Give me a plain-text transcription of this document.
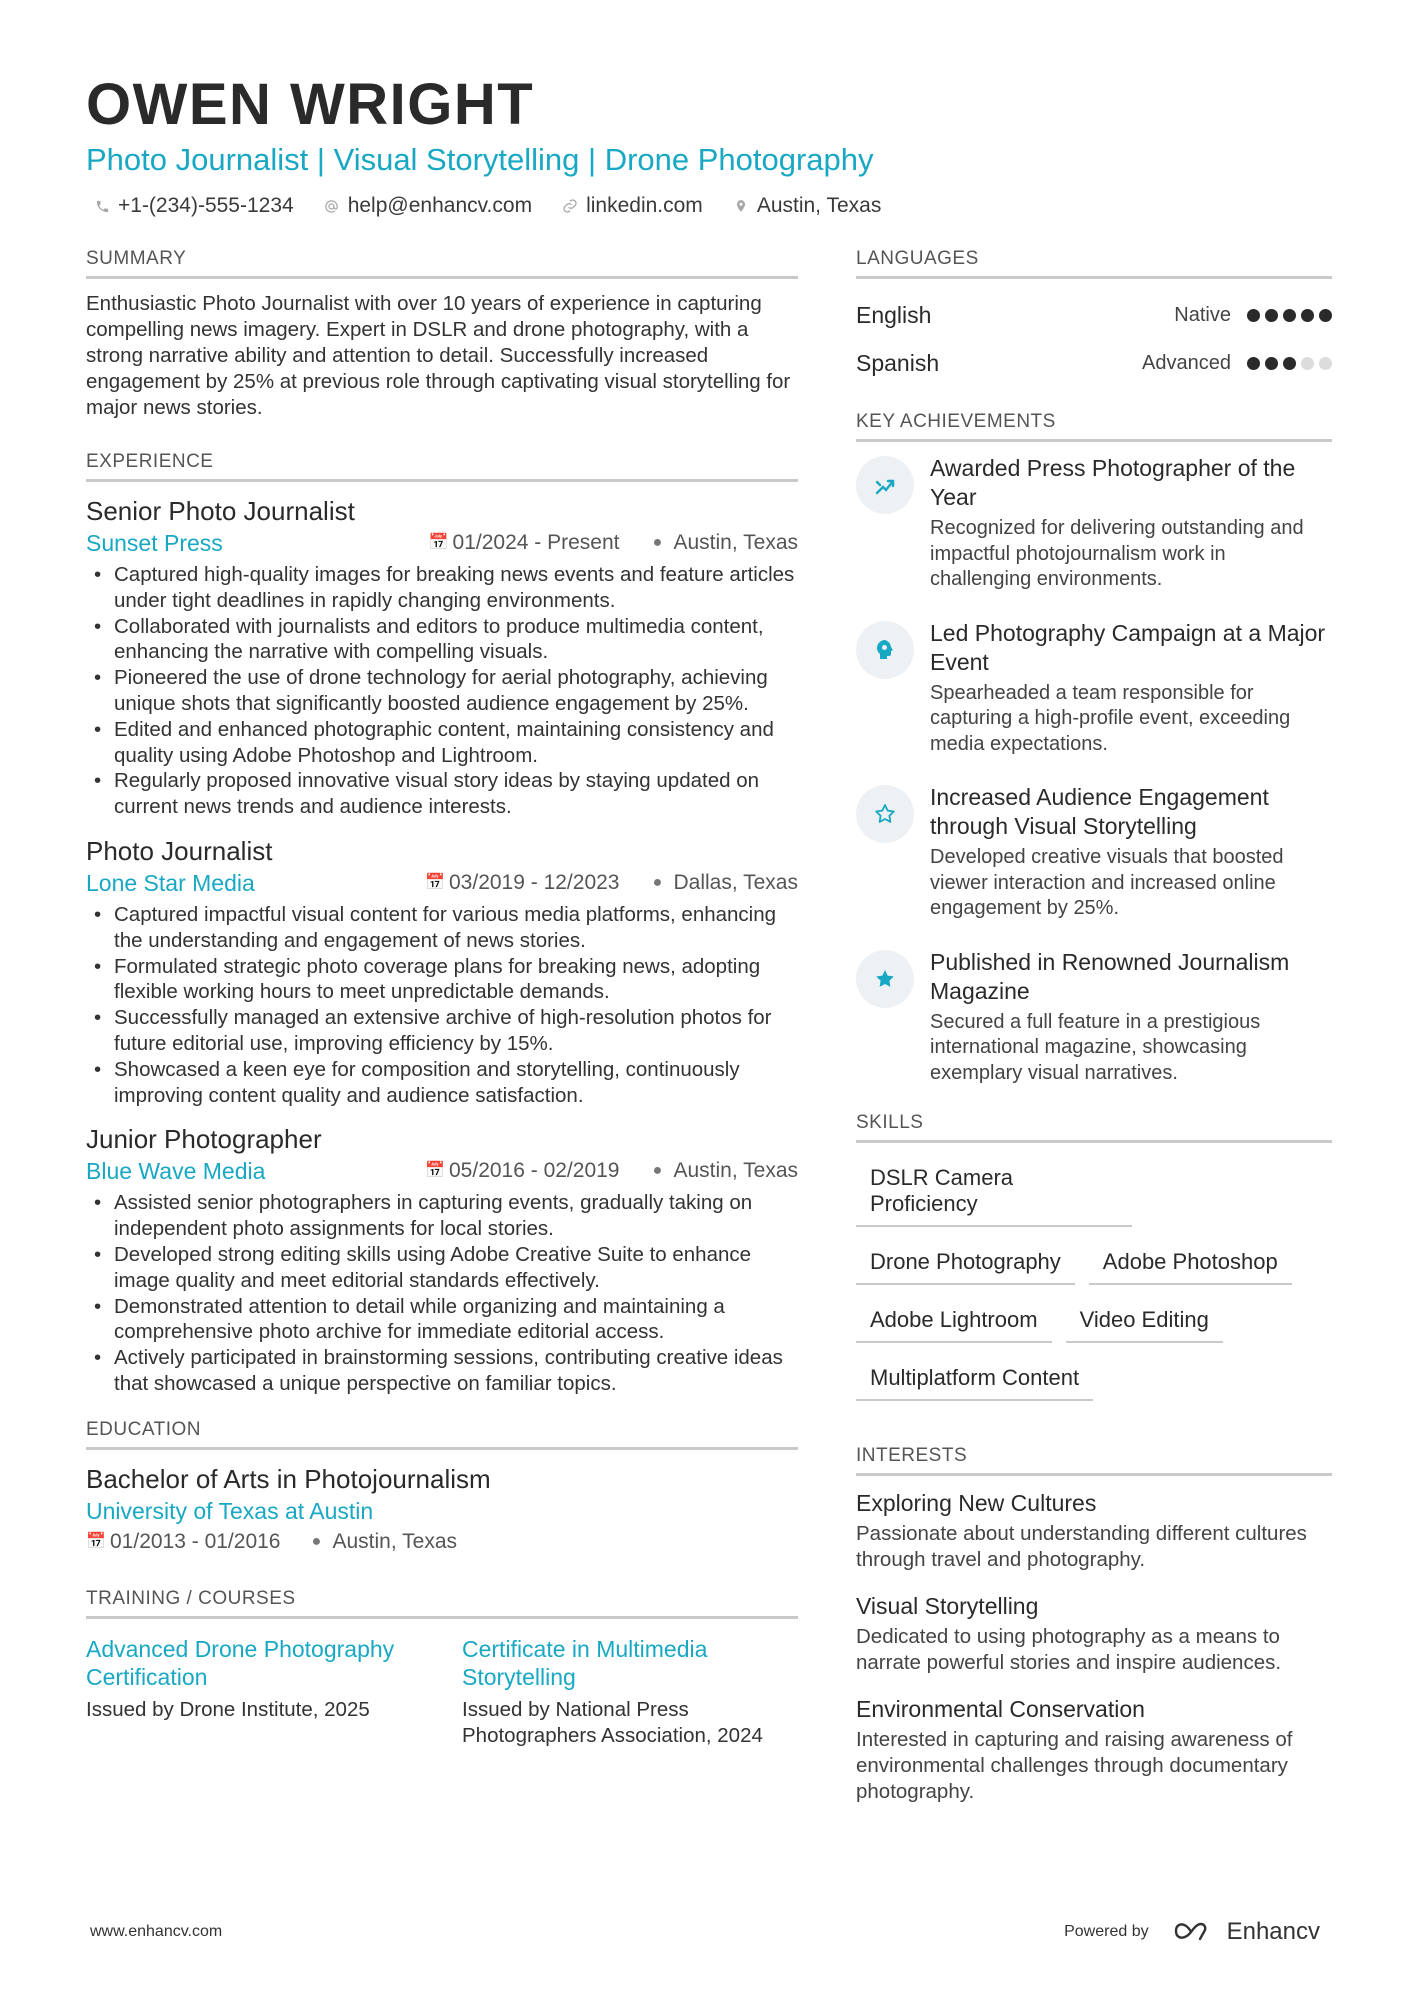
OWEN WRIGHT
Photo Journalist | Visual Storytelling | Drone Photography
+1-(234)-555-1234	help@enhancv.com	linkedin.com	Austin, Texas
SUMMARY
Enthusiastic Photo Journalist with over 10 years of experience in capturing compelling news imagery. Expert in DSLR and drone photography, with a strong narrative ability and attention to detail. Successfully increased engagement by 25% at previous role through captivating visual storytelling for major news stories.
EXPERIENCE
Senior Photo Journalist
Sunset Press	📅 01/2024 - Present ● Austin, Texas
• Captured high-quality images for breaking news events and feature articles under tight deadlines in rapidly changing environments.
• Collaborated with journalists and editors to produce multimedia content, enhancing the narrative with compelling visuals.
• Pioneered the use of drone technology for aerial photography, achieving unique shots that significantly boosted audience engagement by 25%.
• Edited and enhanced photographic content, maintaining consistency and quality using Adobe Photoshop and Lightroom.
• Regularly proposed innovative visual story ideas by staying updated on current news trends and audience interests.
Photo Journalist
Lone Star Media	📅 03/2019 - 12/2023 ● Dallas, Texas
• Captured impactful visual content for various media platforms, enhancing the understanding and engagement of news stories.
• Formulated strategic photo coverage plans for breaking news, adopting flexible working hours to meet unpredictable demands.
• Successfully managed an extensive archive of high-resolution photos for future editorial use, improving efficiency by 15%.
• Showcased a keen eye for composition and storytelling, continuously improving content quality and audience satisfaction.
Junior Photographer
Blue Wave Media	📅 05/2016 - 02/2019 ● Austin, Texas
• Assisted senior photographers in capturing events, gradually taking on independent photo assignments for local stories.
• Developed strong editing skills using Adobe Creative Suite to enhance image quality and meet editorial standards effectively.
• Demonstrated attention to detail while organizing and maintaining a comprehensive photo archive for immediate editorial access.
• Actively participated in brainstorming sessions, contributing creative ideas that showcased a unique perspective on familiar topics.
EDUCATION
Bachelor of Arts in Photojournalism
University of Texas at Austin
📅 01/2013 - 01/2016 ● Austin, Texas
TRAINING / COURSES
Advanced Drone Photography Certification
Issued by Drone Institute, 2025
Certificate in Multimedia Storytelling
Issued by National Press Photographers Association, 2024
LANGUAGES
English	Native
Spanish	Advanced
KEY ACHIEVEMENTS
Awarded Press Photographer of the Year
Recognized for delivering outstanding and impactful photojournalism work in challenging environments.
Led Photography Campaign at a Major Event
Spearheaded a team responsible for capturing a high-profile event, exceeding media expectations.
Increased Audience Engagement through Visual Storytelling
Developed creative visuals that boosted viewer interaction and increased online engagement by 25%.
Published in Renowned Journalism Magazine
Secured a full feature in a prestigious international magazine, showcasing exemplary visual narratives.
SKILLS
DSLR Camera Proficiency
Drone Photography	Adobe Photoshop
Adobe Lightroom	Video Editing
Multiplatform Content
INTERESTS
Exploring New Cultures
Passionate about understanding different cultures through travel and photography.
Visual Storytelling
Dedicated to using photography as a means to narrate powerful stories and inspire audiences.
Environmental Conservation
Interested in capturing and raising awareness of environmental challenges through documentary photography.
www.enhancv.com	Powered by	Enhancv
